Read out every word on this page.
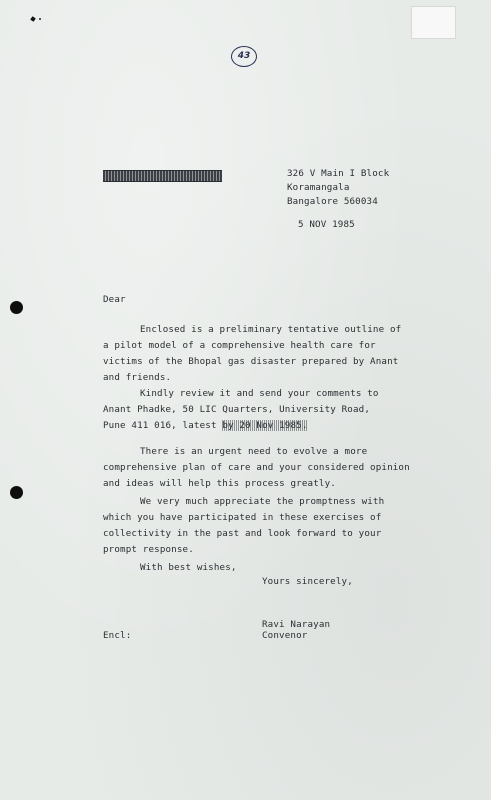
43
326 V Main I Block
Koramangala
Bangalore 560034
5 NOV 1985
Dear
Enclosed is a preliminary tentative outline of
a pilot model of a comprehensive health care for
victims of the Bhopal gas disaster prepared by Anant
and friends.
Kindly review it and send your comments to
Anant Phadke, 50 LIC Quarters, University Road,
Pune 411 016, latest by 20 Nov 1985.
There is an urgent need to evolve a more
comprehensive plan of care and your considered opinion
and ideas will help this process greatly.
We very much appreciate the promptness with
which you have participated in these exercises of
collectivity in the past and look forward to your
prompt response.
With best wishes,
Yours sincerely,
Ravi Narayan
Convenor
Encl:
